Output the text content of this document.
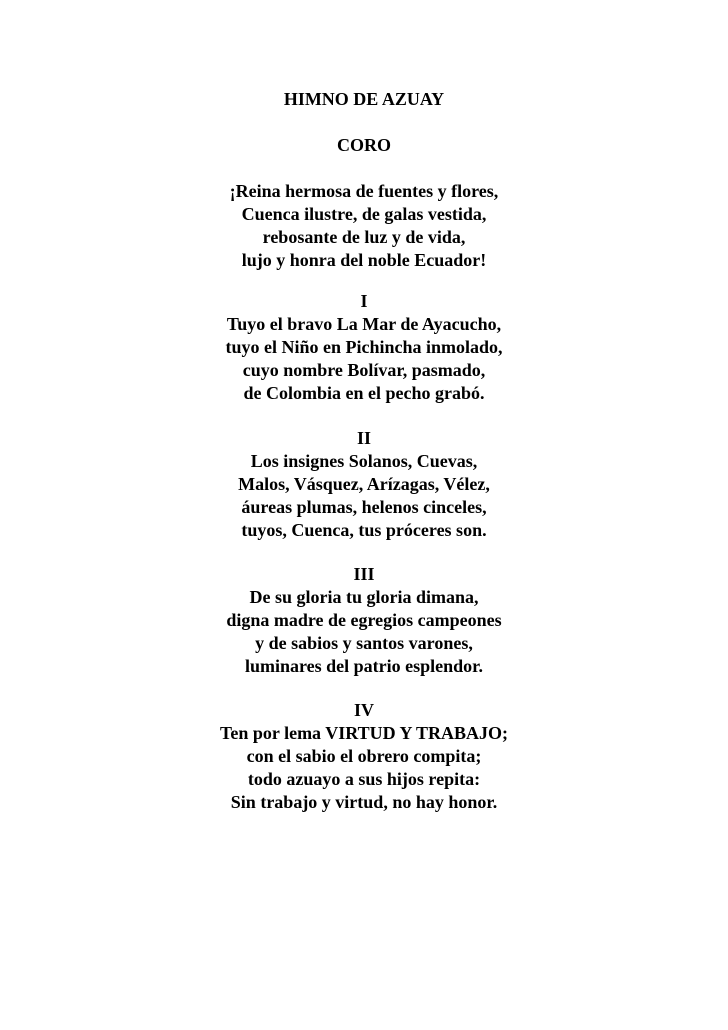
HIMNO DE AZUAY
CORO
¡Reina hermosa de fuentes y flores,
Cuenca ilustre, de galas vestida,
rebosante de luz y de vida,
lujo y honra del noble Ecuador!
I
Tuyo el bravo La Mar de Ayacucho,
tuyo el Niño en Pichincha inmolado,
cuyo nombre Bolívar, pasmado,
de Colombia en el pecho grabó.
II
Los insignes Solanos, Cuevas,
Malos, Vásquez, Arízagas, Vélez,
áureas plumas, helenos cinceles,
tuyos, Cuenca, tus próceres son.
III
De su gloria tu gloria dimana,
digna madre de egregios campeones
y de sabios y santos varones,
luminares del patrio esplendor.
IV
Ten por lema VIRTUD Y TRABAJO;
con el sabio el obrero compita;
todo azuayo a sus hijos repita:
Sin trabajo y virtud, no hay honor.
